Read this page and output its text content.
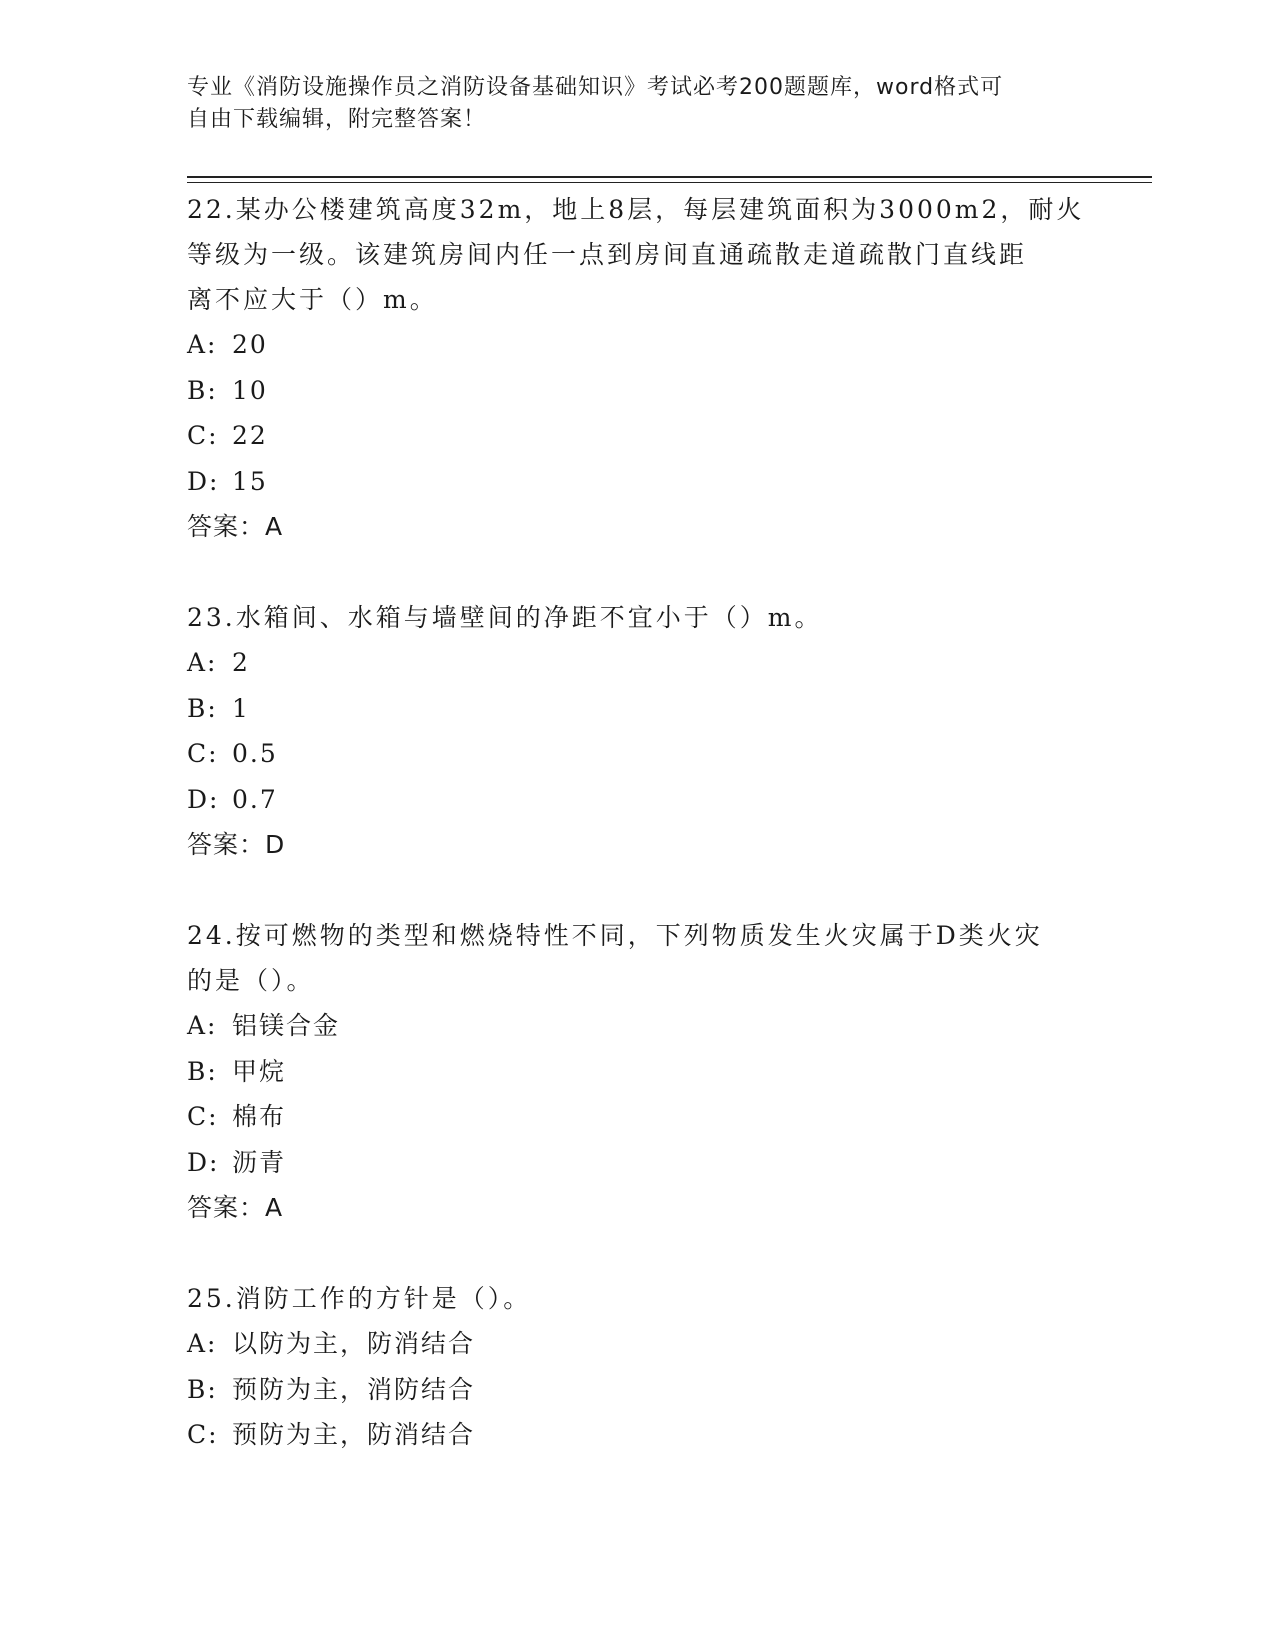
专业《消防设施操作员之消防设备基础知识》考试必考200题题库，word格式可
自由下载编辑，附完整答案！
22.某办公楼建筑高度32m，地上8层，每层建筑面积为3000m2，耐火
等级为一级。该建筑房间内任一点到房间直通疏散走道疏散门直线距
离不应大于（）m。
A: 20
B: 10
C: 22
D: 15
答案：A
23.水箱间、水箱与墙壁间的净距不宜小于（）m。
A: 2
B: 1
C: 0.5
D: 0.7
答案：D
24.按可燃物的类型和燃烧特性不同，下列物质发生火灾属于D类火灾
的是（）。
A: 铝镁合金
B: 甲烷
C: 棉布
D: 沥青
答案：A
25.消防工作的方针是（）。
A: 以防为主，防消结合
B: 预防为主，消防结合
C: 预防为主，防消结合
